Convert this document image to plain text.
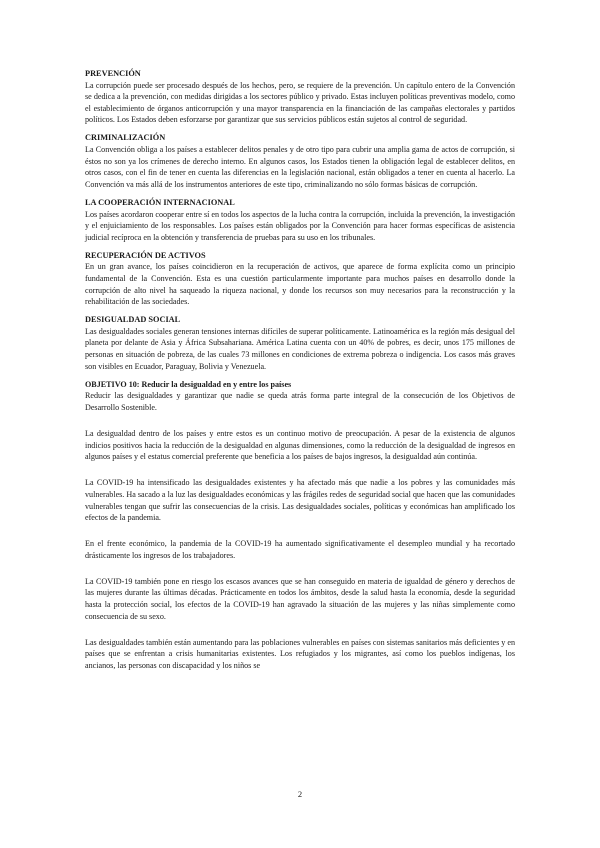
PREVENCIÓN

La corrupción puede ser procesado después de los hechos, pero, se requiere de la prevención. Un capítulo entero de la Convención se dedica a la prevención, con medidas dirigidas a los sectores público y privado. Estas incluyen políticas preventivas modelo, como el establecimiento de órganos anticorrupción y una mayor transparencia en la financiación de las campañas electorales y partidos políticos. Los Estados deben esforzarse por garantizar que sus servicios públicos están sujetos al control de seguridad.

CRIMINALIZACIÓN

La Convención obliga a los países a establecer delitos penales y de otro tipo para cubrir una amplia gama de actos de corrupción, si éstos no son ya los crímenes de derecho interno. En algunos casos, los Estados tienen la obligación legal de establecer delitos, en otros casos, con el fin de tener en cuenta las diferencias en la legislación nacional, están obligados a tener en cuenta al hacerlo. La Convención va más allá de los instrumentos anteriores de este tipo, criminalizando no sólo formas básicas de corrupción.

LA COOPERACIÓN INTERNACIONAL

Los países acordaron cooperar entre sí en todos los aspectos de la lucha contra la corrupción, incluida la prevención, la investigación y el enjuiciamiento de los responsables. Los países están obligados por la Convención para hacer formas específicas de asistencia judicial recíproca en la obtención y transferencia de pruebas para su uso en los tribunales.

RECUPERACIÓN DE ACTIVOS

En un gran avance, los países coincidieron en la recuperación de activos, que aparece de forma explícita como un principio fundamental de la Convención. Esta es una cuestión particularmente importante para muchos países en desarrollo donde la corrupción de alto nivel ha saqueado la riqueza nacional, y donde los recursos son muy necesarios para la reconstrucción y la rehabilitación de las sociedades.

DESIGUALDAD SOCIAL

Las desigualdades sociales generan tensiones internas difíciles de superar políticamente. Latinoamérica es la región más desigual del planeta por delante de Asia y África Subsahariana. América Latina cuenta con un 40% de pobres, es decir, unos 175 millones de personas en situación de pobreza, de las cuales 73 millones en condiciones de extrema pobreza o indigencia. Los casos más graves son visibles en Ecuador, Paraguay, Bolivia y Venezuela.

OBJETIVO 10: Reducir la desigualdad en y entre los países

Reducir las desigualdades y garantizar que nadie se queda atrás forma parte integral de la consecución de los Objetivos de Desarrollo Sostenible.

La desigualdad dentro de los países y entre estos es un continuo motivo de preocupación. A pesar de la existencia de algunos indicios positivos hacia la reducción de la desigualdad en algunas dimensiones, como la reducción de la desigualdad de ingresos en algunos países y el estatus comercial preferente que beneficia a los países de bajos ingresos, la desigualdad aún continúa.

La COVID-19 ha intensificado las desigualdades existentes y ha afectado más que nadie a los pobres y las comunidades más vulnerables. Ha sacado a la luz las desigualdades económicas y las frágiles redes de seguridad social que hacen que las comunidades vulnerables tengan que sufrir las consecuencias de la crisis. Las desigualdades sociales, políticas y económicas han amplificado los efectos de la pandemia.

En el frente económico, la pandemia de la COVID-19 ha aumentado significativamente el desempleo mundial y ha recortado drásticamente los ingresos de los trabajadores.

La COVID-19 también pone en riesgo los escasos avances que se han conseguido en materia de igualdad de género y derechos de las mujeres durante las últimas décadas. Prácticamente en todos los ámbitos, desde la salud hasta la economía, desde la seguridad hasta la protección social, los efectos de la COVID-19 han agravado la situación de las mujeres y las niñas simplemente como consecuencia de su sexo.

Las desigualdades también están aumentando para las poblaciones vulnerables en países con sistemas sanitarios más deficientes y en países que se enfrentan a crisis humanitarias existentes. Los refugiados y los migrantes, así como los pueblos indígenas, los ancianos, las personas con discapacidad y los niños se

2
